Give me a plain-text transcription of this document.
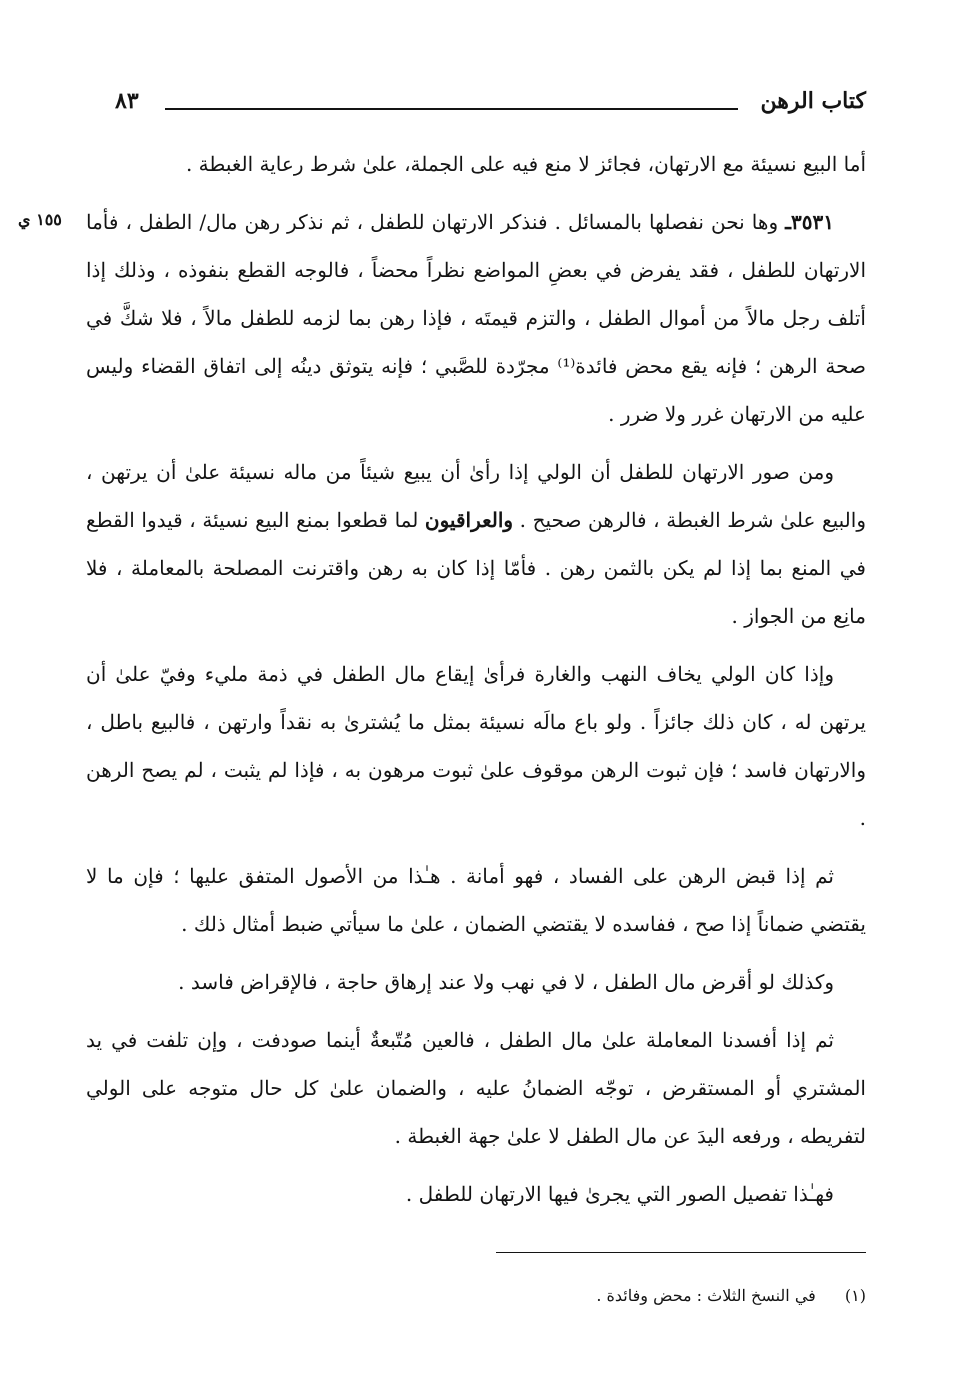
كتاب الرهن
٨٣
١٥٥ ي

أما البيع نسيئة مع الارتهان، فجائز لا منع فيه على الجملة، علىٰ شرط رعاية الغبطة .

٣٥٣١ـ وها نحن نفصلها بالمسائل . فنذكر الارتهان للطفل ، ثم نذكر رهن مال/ الطفل ، فأما الارتهان للطفل ، فقد يفرض في بعضِ المواضع نظراً محضاً ، فالوجه القطع بنفوذه ، وذلك إذا أتلف رجل مالاً من أموال الطفل ، والتزم قيمتَه ، فإذا رهن بما لزمه للطفل مالاً ، فلا شكَّ في صحة الرهن ؛ فإنه يقع محض فائدة⁽¹⁾ مجرّدة للصَّبي ؛ فإنه يتوثق دينُه إلى اتفاق القضاء وليس عليه من الارتهان غرر ولا ضرر .

ومن صور الارتهان للطفل أن الولي إذا رأىٰ أن يبيع شيئاً من ماله نسيئة علىٰ أن يرتهن ، والبيع علىٰ شرط الغبطة ، فالرهن صحيح . والعراقيون لما قطعوا بمنع البيع نسيئة ، قيدوا القطع في المنع بما إذا لم يكن بالثمن رهن . فأمّا إذا كان به رهن واقترنت المصلحة بالمعاملة ، فلا مانِع من الجواز .

وإذا كان الولي يخاف النهب والغارة فرأىٰ إيقاع مال الطفل في ذمة مليء وفيّ علىٰ أن يرتهن له ، كان ذلك جائزاً . ولو باع مالَه نسيئة بمثل ما يُشترىٰ به نقداً وارتهن ، فالبيع باطل ، والارتهان فاسد ؛ فإن ثبوت الرهن موقوف علىٰ ثبوت مرهون به ، فإذا لم يثبت ، لم يصح الرهن .

ثم إذا قبض الرهن على الفساد ، فهو أمانة . هـٰذا من الأصول المتفق عليها ؛ فإن ما لا يقتضي ضماناً إذا صح ، ففاسده لا يقتضي الضمان ، علىٰ ما سيأتي ضبط أمثال ذلك .

وكذلك لو أقرض مال الطفل ، لا في نهب ولا عند إرهاق حاجة ، فالإقراض فاسد .

ثم إذا أفسدنا المعاملة علىٰ مال الطفل ، فالعين مُتّبعةٌ أينما صودفت ، وإن تلفت في يد المشتري أو المستقرض ، توجّه الضمانُ عليه ، والضمان علىٰ كل حال متوجه على الولي لتفريطه ، ورفعه اليدَ عن مال الطفل لا علىٰ جهة الغبطة .

فهـٰذا تفصيل الصور التي يجرىٰ فيها الارتهان للطفل .

(١) في النسخ الثلاث : محض وفائدة .
